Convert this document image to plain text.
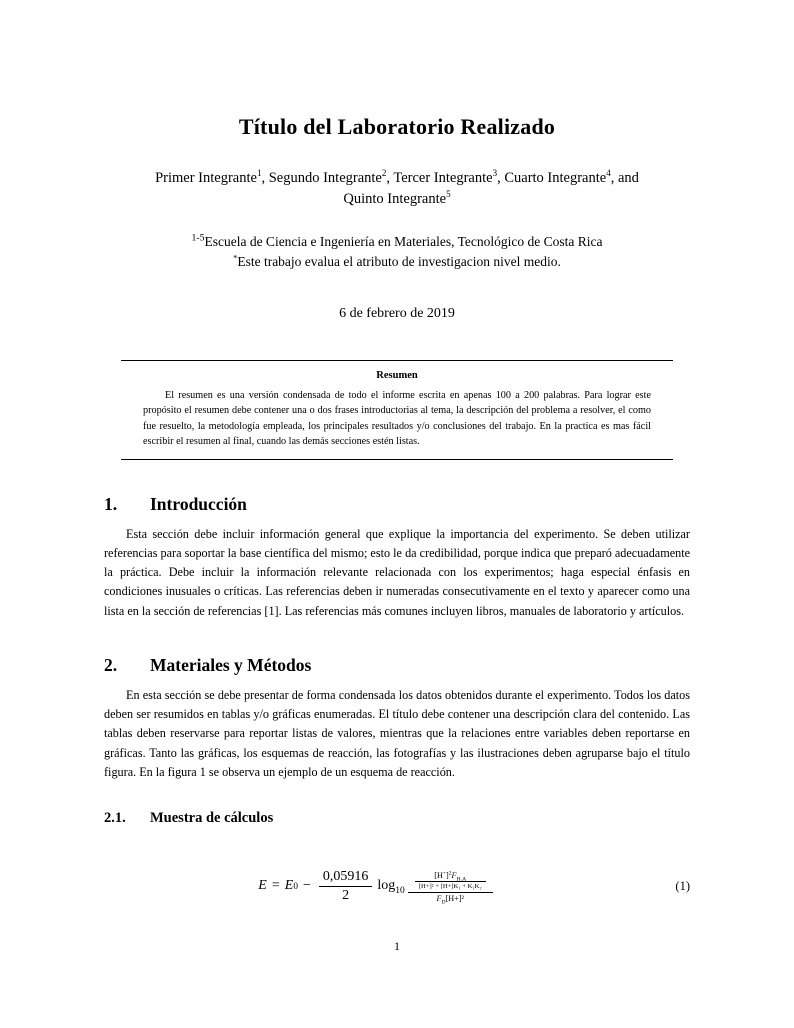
Título del Laboratorio Realizado
Primer Integrante$^1$, Segundo Integrante$^2$, Tercer Integrante$^3$, Cuarto Integrante$^4$, and
Quinto Integrante$^5$
$^{1-5}$Escuela de Ciencia e Ingeniería en Materiales, Tecnológico de Costa Rica
*Este trabajo evalua el atributo de investigacion nivel medio.
6 de febrero de 2019
Resumen

El resumen es una versión condensada de todo el informe escrita en apenas 100 a 200 palabras. Para lograr este propósito el resumen debe contener una o dos frases introductorias al tema, la descripción del problema a resolver, el como fue resuelto, la metodología empleada, los principales resultados y/o conclusiones del trabajo. En la practica es mas fácil escribir el resumen al final, cuando las demás secciones estén listas.

1.	Introducción

Esta sección debe incluir información general que explique la importancia del experimento. Se deben utilizar referencias para soportar la base científica del mismo; esto le da credibilidad, porque indica que preparó adecuadamente la práctica. Debe incluir la información relevante relacionada con los experimentos; haga especial énfasis en condiciones inusuales o críticas. Las referencias deben ir numeradas consecutivamente en el texto y aparecer como una lista en la sección de referencias [1]. Las referencias más comunes incluyen libros, manuales de laboratorio y artículos.

2.	Materiales y Métodos

En esta sección se debe presentar de forma condensada los datos obtenidos durante el experimento. Todos los datos deben ser resumidos en tablas y/o gráficas enumeradas. El título debe contener una descripción clara del contenido. Las tablas deben reservarse para reportar listas de valores, mientras que la relaciones entre variables deben reportarse en gráficas. Tanto las gráficas, los esquemas de reacción, las fotografías y las ilustraciones deben agruparse bajo el título figura. En la figura 1 se observa un ejemplo de un esquema de reacción.

2.1.	Muestra de cálculos
E = E $0 - \frac{0,05916}{2} \log_{10} \frac{\frac{[H^+]^2F_{H_2A}}{\text{[H+]² + [H+]K₁ + K₁K₂}}}{F_D[H+]^2}$	(1)
1
